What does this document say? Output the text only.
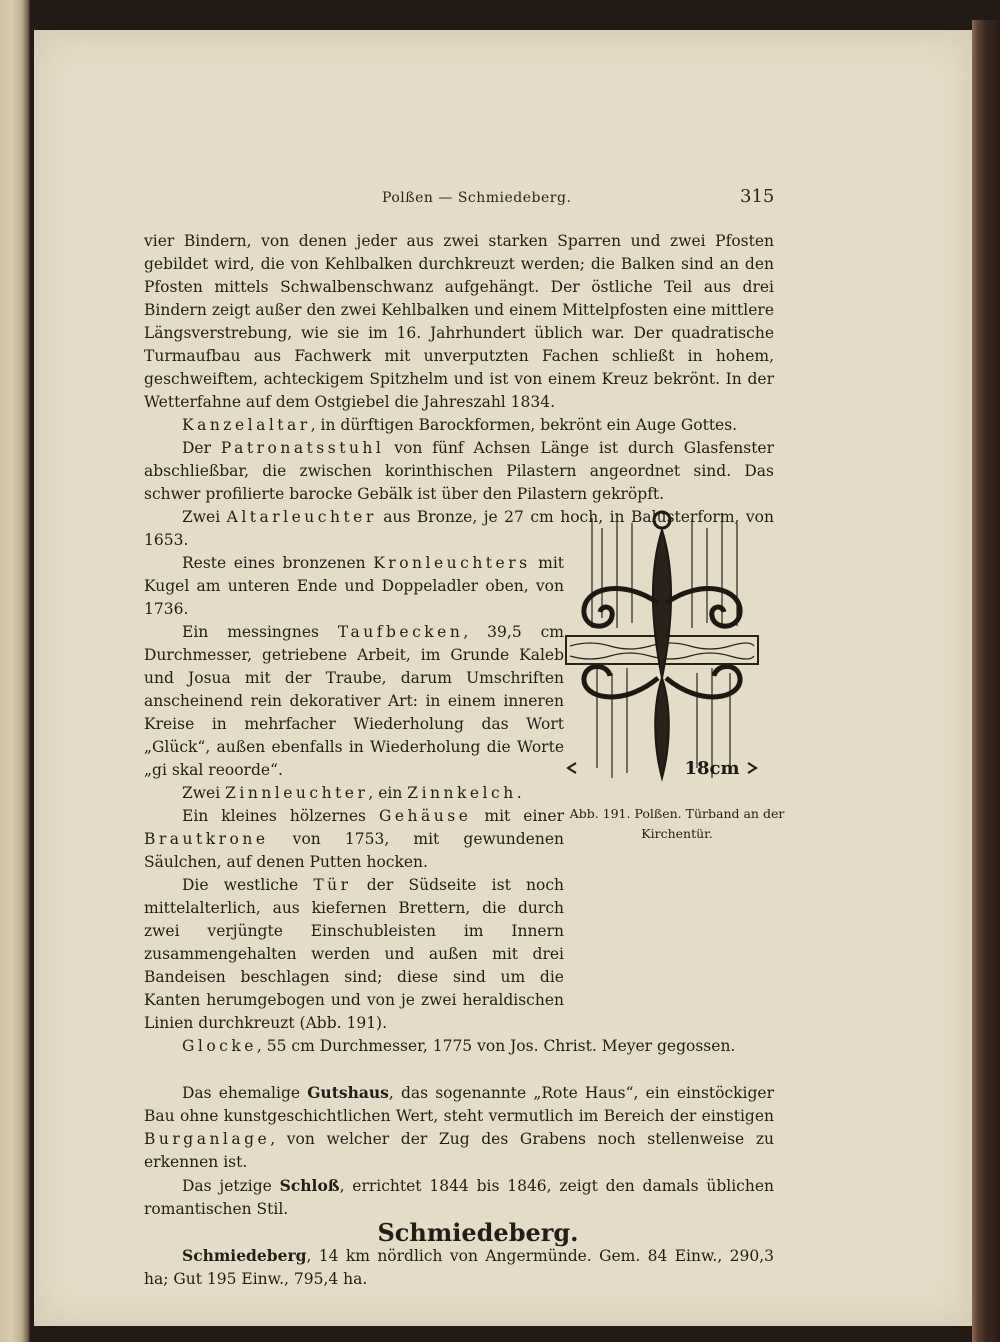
Polßen — Schmiedeberg.	315

vier Bindern, von denen jeder aus zwei starken Sparren und zwei Pfosten gebildet wird, die von Kehlbalken durchkreuzt werden; die Balken sind an den Pfosten mittels Schwalbenschwanz aufgehängt. Der östliche Teil aus drei Bindern zeigt außer den zwei Kehlbalken und einem Mittelpfosten eine mittlere Längsverstrebung, wie sie im 16. Jahrhundert üblich war. Der quadratische Turmaufbau aus Fachwerk mit unverputzten Fachen schließt in hohem, geschweiftem, achteckigem Spitzhelm und ist von einem Kreuz bekrönt. In der Wetterfahne auf dem Ostgiebel die Jahreszahl 1834.

Kanzelaltar, in dürftigen Barockformen, bekrönt ein Auge Gottes.

Der Patronatsstuhl von fünf Achsen Länge ist durch Glasfenster abschließbar, die zwischen korinthischen Pilastern angeordnet sind. Das schwer profilierte barocke Gebälk ist über den Pilastern gekröpft.

Zwei Altarleuchter aus Bronze, je 27 cm hoch, in Balusterform, von 1653.

Reste eines bronzenen Kronleuchters mit Kugel am unteren Ende und Doppeladler oben, von 1736.

Ein messingnes Taufbecken, 39,5 cm Durchmesser, getriebene Arbeit, im Grunde Kaleb und Josua mit der Traube, darum Umschriften anscheinend rein dekorativer Art: in einem inneren Kreise in mehrfacher Wiederholung das Wort „Glück“, außen ebenfalls in Wiederholung die Worte „gi skal reoorde“.

Zwei Zinnleuchter, ein Zinnkelch.

Ein kleines hölzernes Gehäuse mit einer Brautkrone von 1753, mit gewundenen Säulchen, auf denen Putten hocken.

Die westliche Tür der Südseite ist noch mittelalterlich, aus kiefernen Brettern, die durch zwei verjüngte Einschubleisten im Innern zusammengehalten werden und außen mit drei Bandeisen beschlagen sind; diese sind um die Kanten herumgebogen und von je zwei heraldischen Linien durchkreuzt (Abb. 191).

Glocke, 55 cm Durchmesser, 1775 von Jos. Christ. Meyer gegossen.

Das ehemalige Gutshaus, das sogenannte „Rote Haus“, ein einstöckiger Bau ohne kunstgeschichtlichen Wert, steht vermutlich im Bereich der einstigen Burganlage, von welcher der Zug des Grabens noch stellenweise zu erkennen ist.

Das jetzige Schloß, errichtet 1844 bis 1846, zeigt den damals üblichen romantischen Stil.

Schmiedeberg.

Schmiedeberg, 14 km nördlich von Angermünde. Gem. 84 Einw., 290,3 ha; Gut 195 Einw., 795,4 ha.

18cm
Abb. 191. Polßen. Türband an der
Kirchentür.
